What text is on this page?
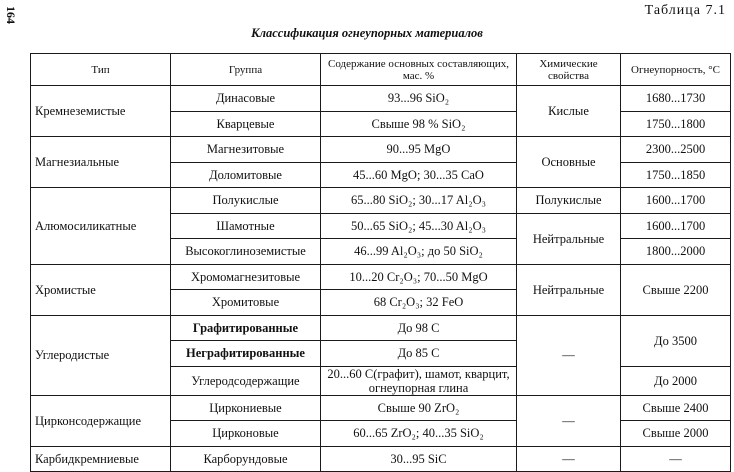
164	Таблица 7.1
Классификация огнеупорных материалов
Тип	Группа	Содержание основных составляющих, мас. %	Химические свойства	Огнеупорность, °С
Кремнеземистые	Динасовые	93...96 SiO₂	Кислые	1680...1730
	Кварцевые	Свыше 98 % SiO₂		1750...1800
Магнезиальные	Магнезитовые	90...95 MgO	Основные	2300...2500
	Доломитовые	45...60 MgO; 30...35 CaO		1750...1850
Алюмосиликатные	Полукислые	65...80 SiO₂; 30...17 Al₂O₃	Полукислые	1600...1700
	Шамотные	50...65 SiO₂; 45...30 Al₂O₃	Нейтральные	1600...1700
	Высокоглиноземистые	46...99 Al₂O₃; до 50 SiO₂		1800...2000
Хромистые	Хромомагнезитовые	10...20 Cr₂O₃; 70...50 MgO	Нейтральные	Свыше 2200
	Хромитовые	68 Cr₂O₃; 32 FeO		
Углеродистые	Графитированные	До 98 С	—	До 3500
	Неграфитированные	До 85 С		
	Углеродсодержащие	20...60 С(графит), шамот, кварцит, огнеупорная глина		До 2000
Цирконсодержащие	Циркониевые	Свыше 90 ZrO₂	—	Свыше 2400
	Цирконовые	60...65 ZrO₂; 40...35 SiO₂		Свыше 2000
Карбидкремниевые	Карборундовые	30...95 SiC	—	—
